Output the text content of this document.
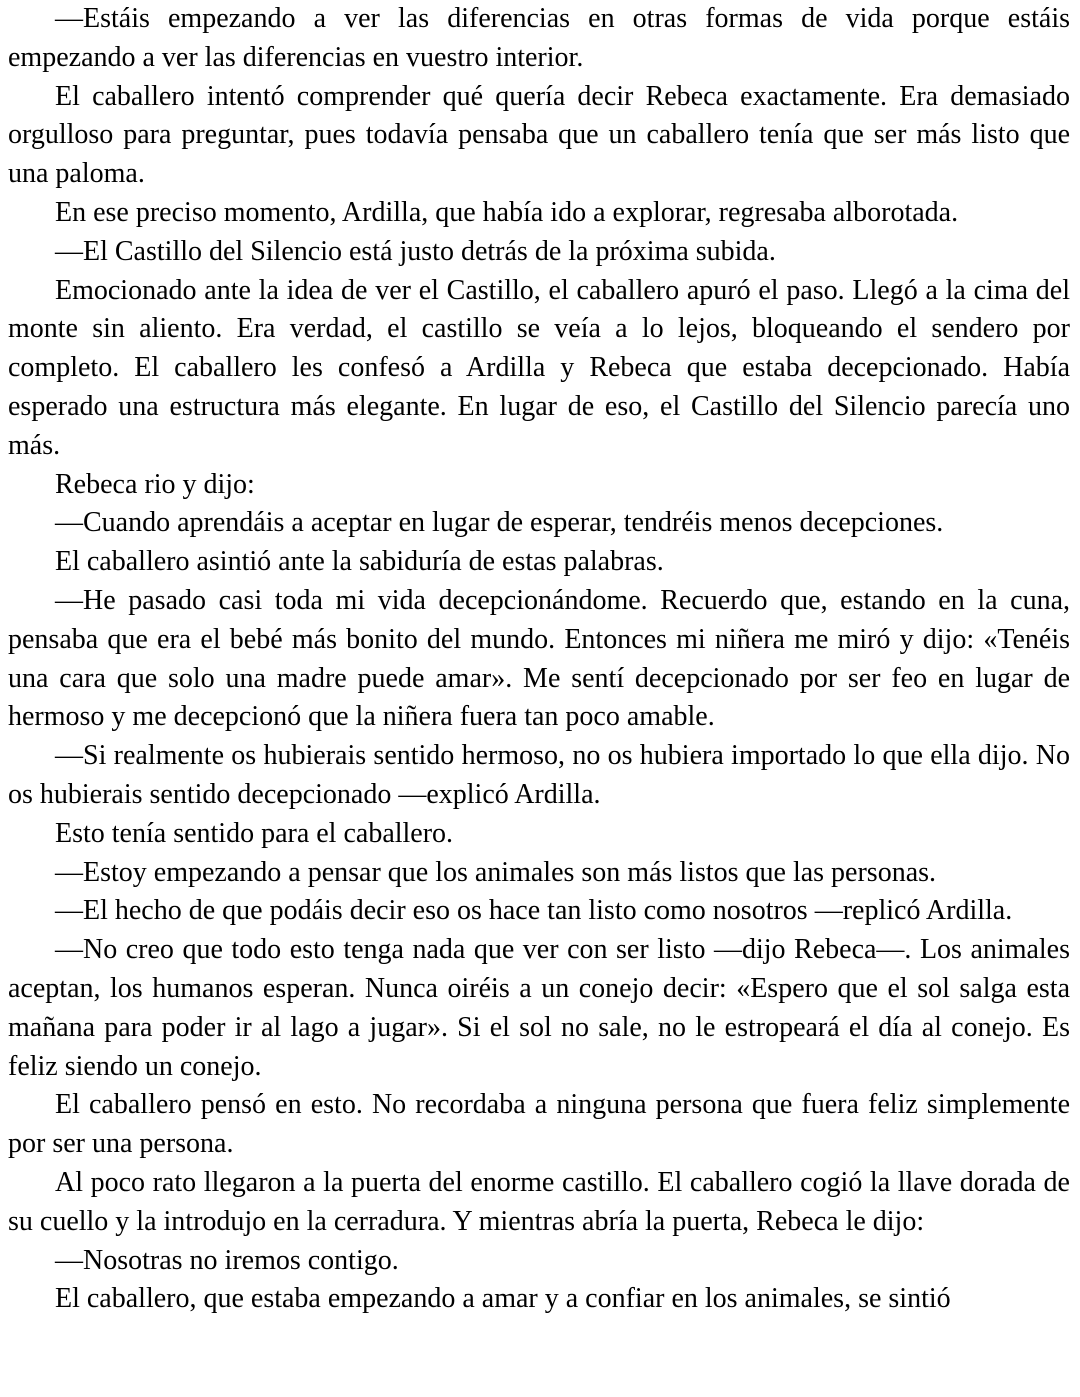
—Estáis empezando a ver las diferencias en otras formas de vida porque estáis empezando a ver las diferencias en vuestro interior.

El caballero intentó comprender qué quería decir Rebeca exactamente. Era demasiado orgulloso para preguntar, pues todavía pensaba que un caballero tenía que ser más listo que una paloma.

En ese preciso momento, Ardilla, que había ido a explorar, regresaba alborotada.

—El Castillo del Silencio está justo detrás de la próxima subida.

Emocionado ante la idea de ver el Castillo, el caballero apuró el paso. Llegó a la cima del monte sin aliento. Era verdad, el castillo se veía a lo lejos, bloqueando el sendero por completo. El caballero les confesó a Ardilla y Rebeca que estaba decepcionado. Había esperado una estructura más elegante. En lugar de eso, el Castillo del Silencio parecía uno más.

Rebeca rio y dijo:

—Cuando aprendáis a aceptar en lugar de esperar, tendréis menos decepciones.

El caballero asintió ante la sabiduría de estas palabras.

—He pasado casi toda mi vida decepcionándome. Recuerdo que, estando en la cuna, pensaba que era el bebé más bonito del mundo. Entonces mi niñera me miró y dijo: «Tenéis una cara que solo una madre puede amar». Me sentí decepcionado por ser feo en lugar de hermoso y me decepcionó que la niñera fuera tan poco amable.

—Si realmente os hubierais sentido hermoso, no os hubiera importado lo que ella dijo. No os hubierais sentido decepcionado —explicó Ardilla.

Esto tenía sentido para el caballero.

—Estoy empezando a pensar que los animales son más listos que las personas.

—El hecho de que podáis decir eso os hace tan listo como nosotros —replicó Ardilla.

—No creo que todo esto tenga nada que ver con ser listo —dijo Rebeca—. Los animales aceptan, los humanos esperan. Nunca oiréis a un conejo decir: «Espero que el sol salga esta mañana para poder ir al lago a jugar». Si el sol no sale, no le estropeará el día al conejo. Es feliz siendo un conejo.

El caballero pensó en esto. No recordaba a ninguna persona que fuera feliz simplemente por ser una persona.

Al poco rato llegaron a la puerta del enorme castillo. El caballero cogió la llave dorada de su cuello y la introdujo en la cerradura. Y mientras abría la puerta, Rebeca le dijo:

—Nosotras no iremos contigo.

El caballero, que estaba empezando a amar y a confiar en los animales, se sintió
